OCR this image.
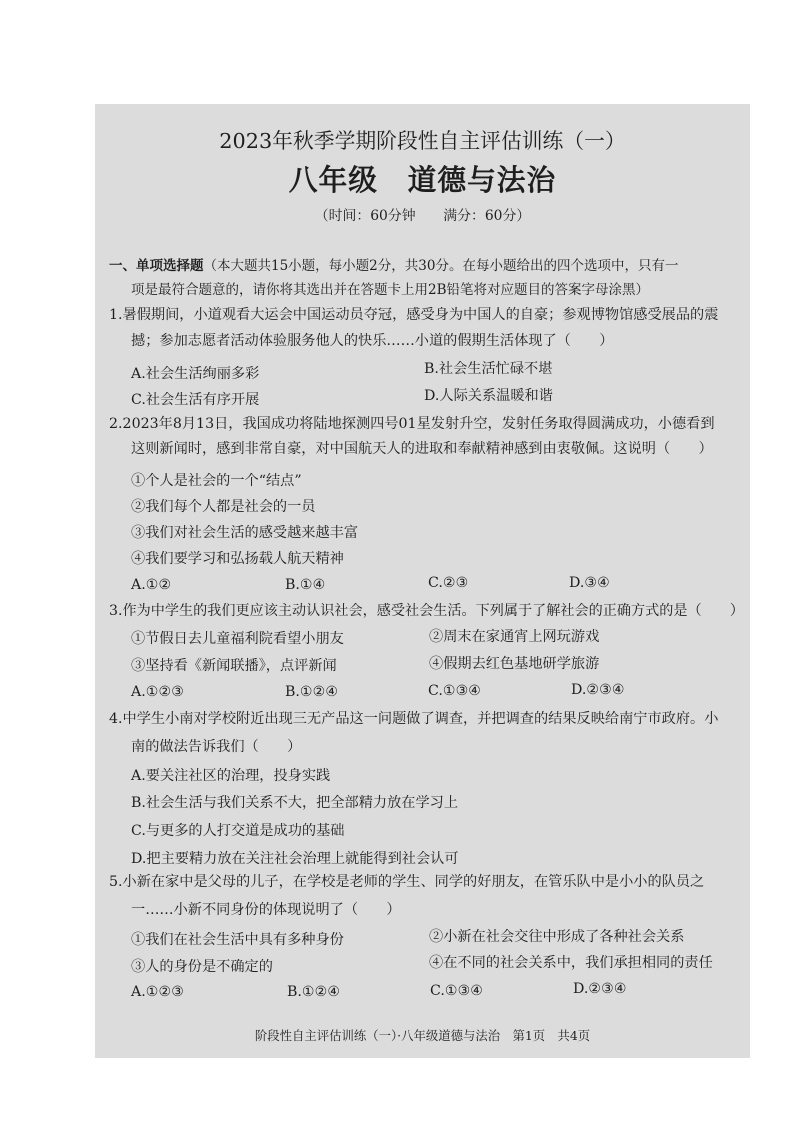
2023年秋季学期阶段性自主评估训练（一）
八年级　道德与法治
（时间：60分钟　　满分：60分）
一、单项选择题（本大题共15小题，每小题2分，共30分。在每小题给出的四个选项中，只有一
项是最符合题意的，请你将其选出并在答题卡上用2B铅笔将对应题目的答案字母涂黑）
1.暑假期间，小道观看大运会中国运动员夺冠，感受身为中国人的自豪；参观博物馆感受展品的震
撼；参加志愿者活动体验服务他人的快乐……小道的假期生活体现了（　　）
A.社会生活绚丽多彩	B.社会生活忙碌不堪
C.社会生活有序开展	D.人际关系温暖和谐
2.2023年8月13日，我国成功将陆地探测四号01星发射升空，发射任务取得圆满成功，小德看到
这则新闻时，感到非常自豪，对中国航天人的进取和奉献精神感到由衷敬佩。这说明（　　）
①个人是社会的一个“结点”
②我们每个人都是社会的一员
③我们对社会生活的感受越来越丰富
④我们要学习和弘扬载人航天精神
A.①②	B.①④	C.②③	D.③④
3.作为中学生的我们更应该主动认识社会，感受社会生活。下列属于了解社会的正确方式的是（　　）
①节假日去儿童福利院看望小朋友	②周末在家通宵上网玩游戏
③坚持看《新闻联播》，点评新闻	④假期去红色基地研学旅游
A.①②③	B.①②④	C.①③④	D.②③④
4.中学生小南对学校附近出现三无产品这一问题做了调查，并把调查的结果反映给南宁市政府。小
南的做法告诉我们（　　）
A.要关注社区的治理，投身实践
B.社会生活与我们关系不大，把全部精力放在学习上
C.与更多的人打交道是成功的基础
D.把主要精力放在关注社会治理上就能得到社会认可
5.小新在家中是父母的儿子，在学校是老师的学生、同学的好朋友，在管乐队中是小小的队员之
一……小新不同身份的体现说明了（　　）
①我们在社会生活中具有多种身份	②小新在社会交往中形成了各种社会关系
③人的身份是不确定的	④在不同的社会关系中，我们承担相同的责任
A.①②③	B.①②④	C.①③④	D.②③④
阶段性自主评估训练（一）·八年级道德与法治　第1页　共4页
